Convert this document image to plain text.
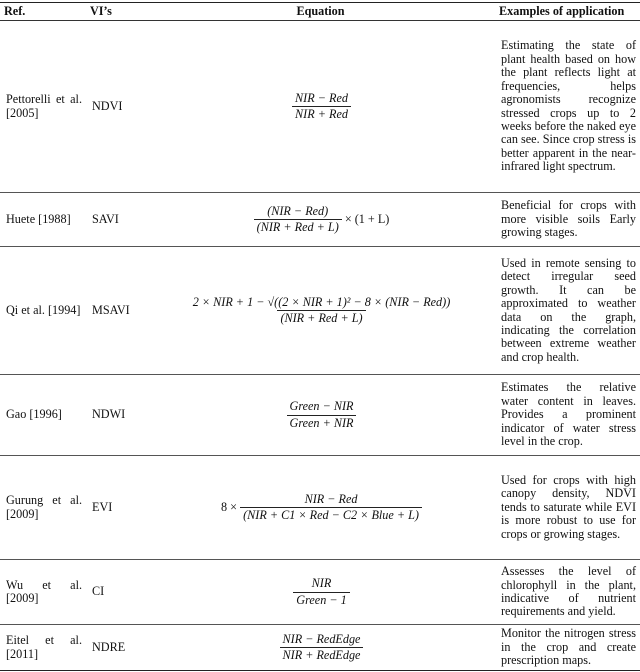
Ref.	VI’s	Equation	Examples of application
Pettorelli et al. [2005]	NDVI	$\frac{\text{NIR − Red}}{\text{NIR + Red}}$	Estimating the state of plant health based on how the plant reflects light at frequencies, helps agronomists recognize stressed crops up to 2 weeks before the naked eye can see. Since crop stress is better apparent in the near-infrared light spectrum.
Huete [1988]	SAVI	$\frac{\text{(NIR − Red)}}{\text{(NIR + Red + L)}} \times (1 + L)$	Beneficial for crops with more visible soils Early growing stages.
Qi et al. [1994]	MSAVI	$\frac{\text{2 × NIR + 1 − √((2 × NIR + 1)² − 8 × (NIR − Red))}}{\text{(NIR + Red + L)}}$	Used in remote sensing to detect irregular seed growth. It can be approximated to weather data on the graph, indicating the correlation between extreme weather and crop health.
Gao [1996]	NDWI	$\frac{\text{Green − NIR}}{\text{Green + NIR}}$	Estimates the relative water content in leaves. Provides a prominent indicator of water stress level in the crop.
Gurung et al. [2009]	EVI	$8 \times \frac{\text{NIR − Red}}{\text{(NIR + C1 × Red − C2 × Blue + L)}}$	Used for crops with high canopy density, NDVI tends to saturate while EVI is more robust to use for crops or growing stages.
Wu et al. [2009]	CI	$\frac{\text{NIR}}{\text{Green − 1}}$	Assesses the level of chlorophyll in the plant, indicative of nutrient requirements and yield.
Eitel et al. [2011]	NDRE	$\frac{\text{NIR − RedEdge}}{\text{NIR + RedEdge}}$	Monitor the nitrogen stress in the crop and create prescription maps.
